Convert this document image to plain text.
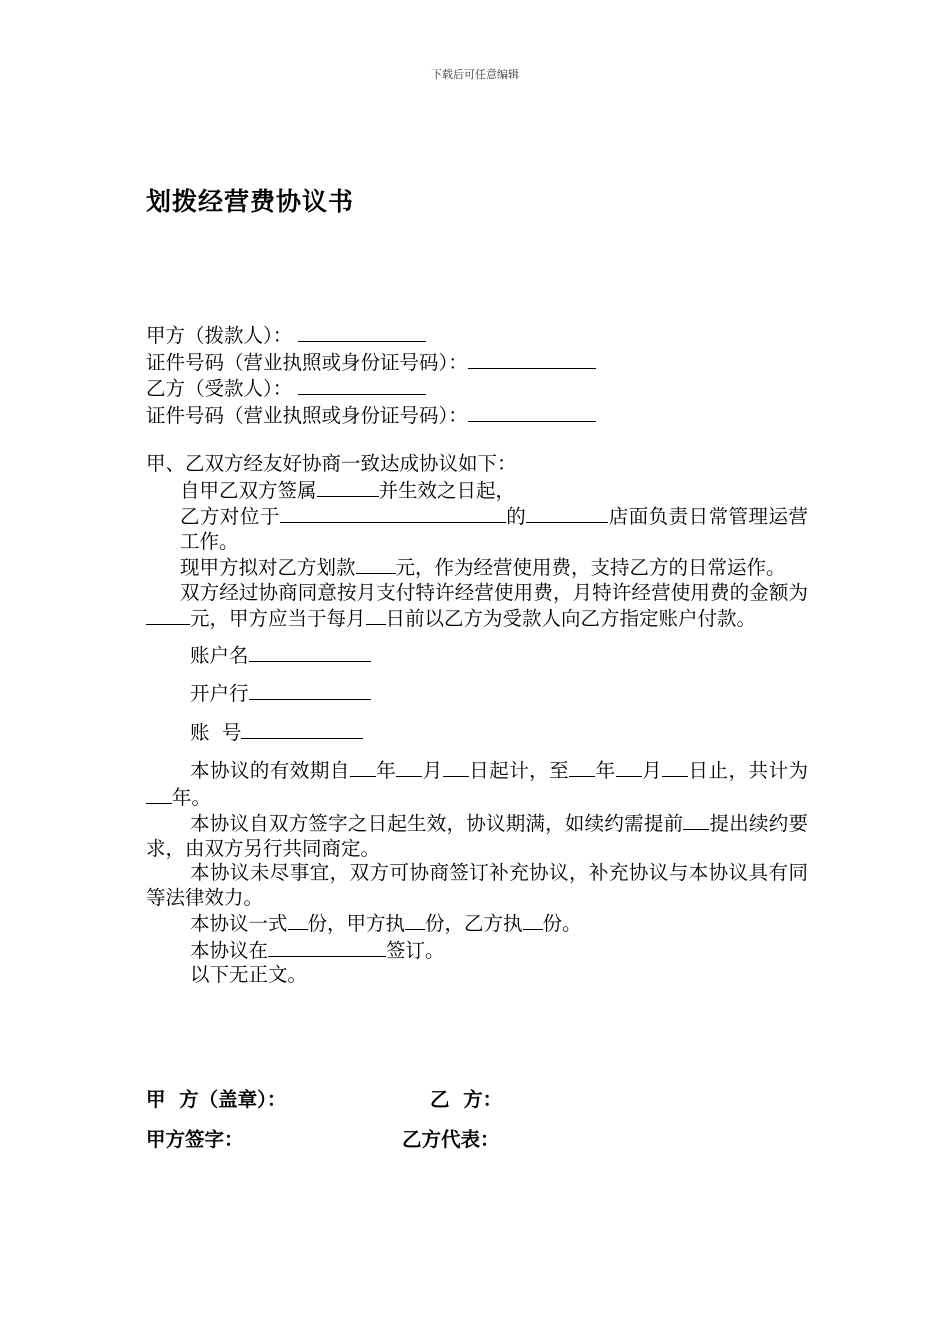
下载后可任意编辑
划拨经营费协议书
甲方（拨款人）：
证件号码（营业执照或身份证号码）：
乙方（受款人）：
证件号码（营业执照或身份证号码）：
甲、乙双方经友好协商一致达成协议如下：
自甲乙双方签属	并生效之日起，
乙方对位于	的	店面负责日常管理运营工作。
现甲方拟对乙方划款 元，作为经营使用费，支持乙方的日常运作。
双方经过协商同意按月支付特许经营使用费，月特许经营使用费的金额为元，甲方应当于每月 日前以乙方为受款人向乙方指定账户付款。
账户名
开户行
账  号
本协议的有效期自 年 月 日起计，至 年 月 日止，共计为 年。
本协议自双方签字之日起生效，协议期满，如续约需提前 提出续约要求，由双方另行共同商定。
本协议未尽事宜，双方可协商签订补充协议，补充协议与本协议具有同等法律效力。
本协议一式 份，甲方执 份，乙方执 份。
本协议在	签订。
以下无正文。
甲  方（盖章）：	乙  方：
甲方签字：	乙方代表：
